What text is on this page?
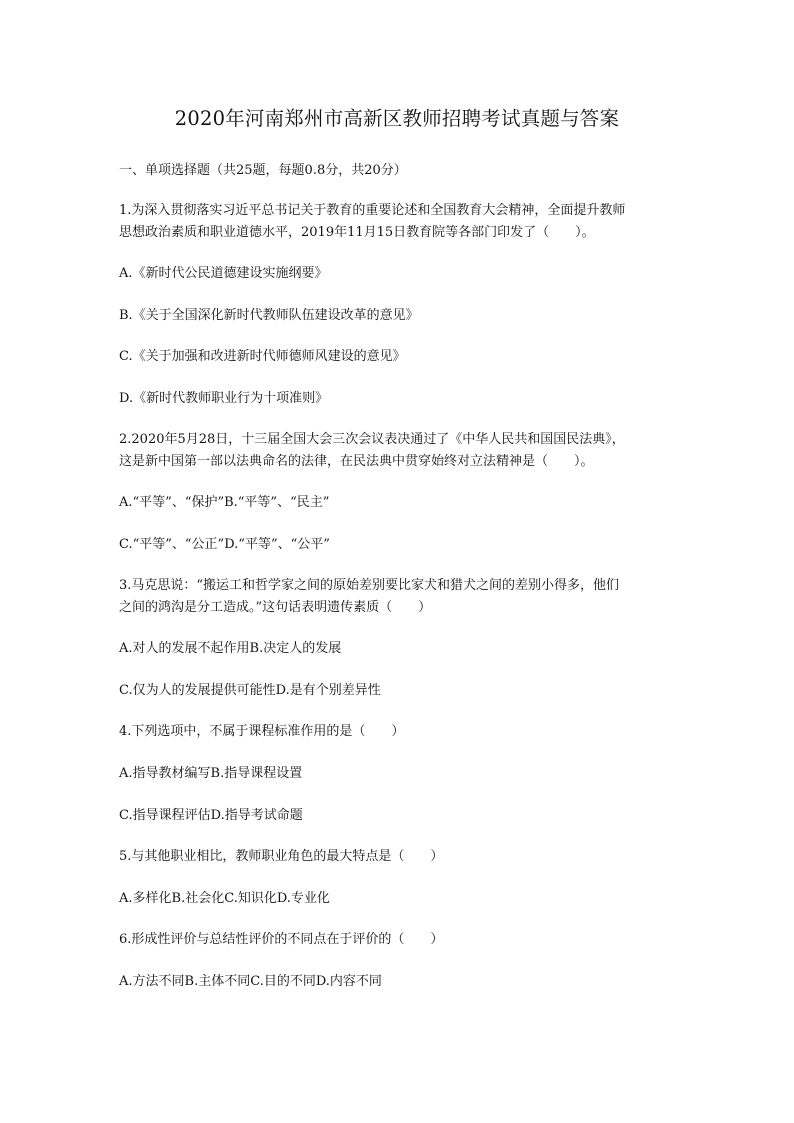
2020年河南郑州市高新区教师招聘考试真题与答案
一、单项选择题（共25题，每题0.8分，共20分）
1.为深入贯彻落实习近平总书记关于教育的重要论述和全国教育大会精神，全面提升教师
思想政治素质和职业道德水平，2019年11月15日教育院等各部门印发了（　　）。
A.《新时代公民道德建设实施纲要》
B.《关于全国深化新时代教师队伍建设改革的意见》
C.《关于加强和改进新时代师德师风建设的意见》
D.《新时代教师职业行为十项准则》
2.2020年5月28日，十三届全国大会三次会议表决通过了《中华人民共和国国民法典》，
这是新中国第一部以法典命名的法律，在民法典中贯穿始终对立法精神是（　　）。
A.“平等”、“保护”B.“平等”、“民主”
C.“平等”、“公正”D.“平等”、“公平”
3.马克思说：“搬运工和哲学家之间的原始差别要比家犬和猎犬之间的差别小得多，他们
之间的鸿沟是分工造成。”这句话表明遗传素质（　　）
A.对人的发展不起作用B.决定人的发展
C.仅为人的发展提供可能性D.是有个别差异性
4.下列选项中，不属于课程标准作用的是（　　）
A.指导教材编写B.指导课程设置
C.指导课程评估D.指导考试命题
5.与其他职业相比，教师职业角色的最大特点是（　　）
A.多样化B.社会化C.知识化D.专业化
6.形成性评价与总结性评价的不同点在于评价的（　　）
A.方法不同B.主体不同C.目的不同D.内容不同
